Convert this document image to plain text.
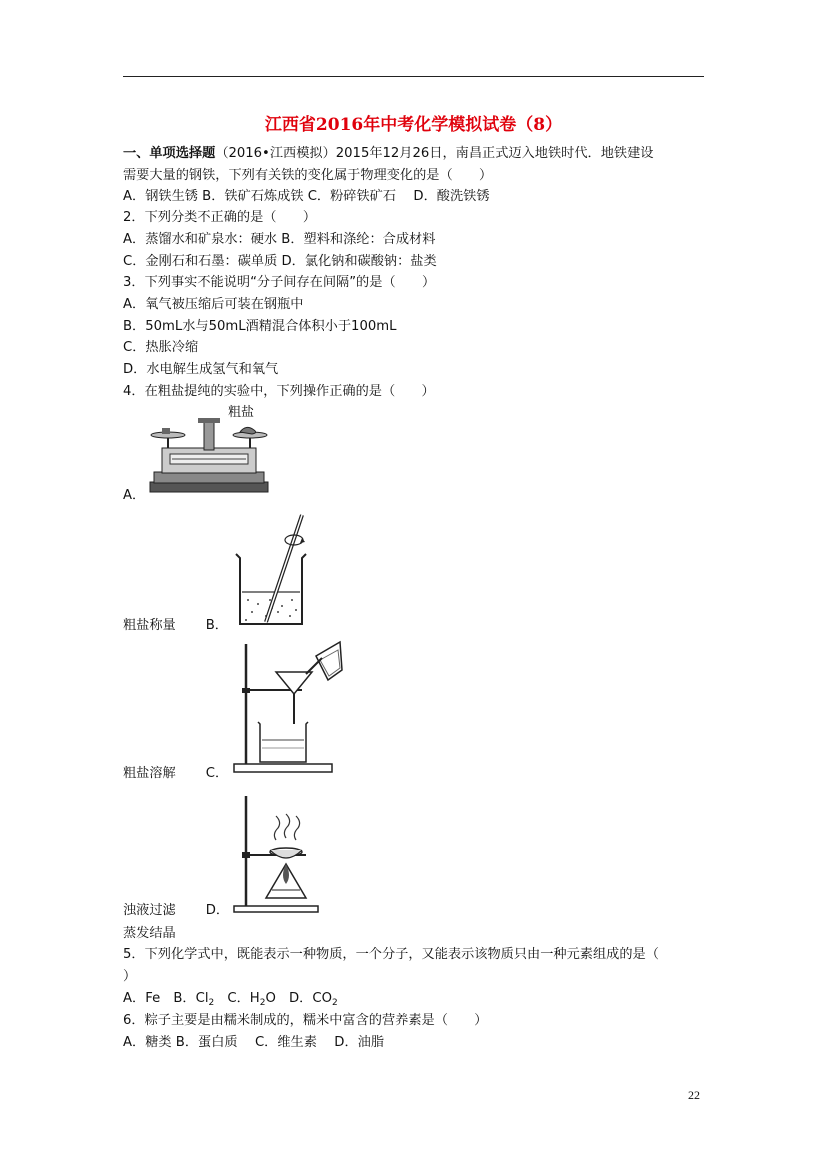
江西省2016年中考化学模拟试卷（8）
一、单项选择题（2016•江西模拟）2015年12月26日，南昌正式迈入地铁时代．地铁建设
需要大量的钢铁，下列有关铁的变化属于物理变化的是（　　）
A．钢铁生锈 B．铁矿石炼成铁 C．粉碎铁矿石　 D．酸洗铁锈
2．下列分类不正确的是（　　）
A．蒸馏水和矿泉水：硬水 B．塑料和涤纶：合成材料
C．金刚石和石墨：碳单质 D．氯化钠和碳酸钠：盐类
3．下列事实不能说明“分子间存在间隔”的是（　　）
A．氧气被压缩后可装在钢瓶中
B．50mL水与50mL酒精混合体积小于100mL
C．热胀冷缩
D．水电解生成氢气和氧气
4．在粗盐提纯的实验中，下列操作正确的是（　　）
粗盐
A．
粗盐称量 B．
粗盐溶解 C．
浊液过滤 D．
蒸发结晶
5．下列化学式中，既能表示一种物质，一个分子，又能表示该物质只由一种元素组成的是（
）
A．Fe　B．$Cl_2$　C．$H_2O$　D．$CO_2$
6．粽子主要是由糯米制成的，糯米中富含的营养素是（　　）
A．糖类 B．蛋白质　 C．维生素　 D．油脂
22
